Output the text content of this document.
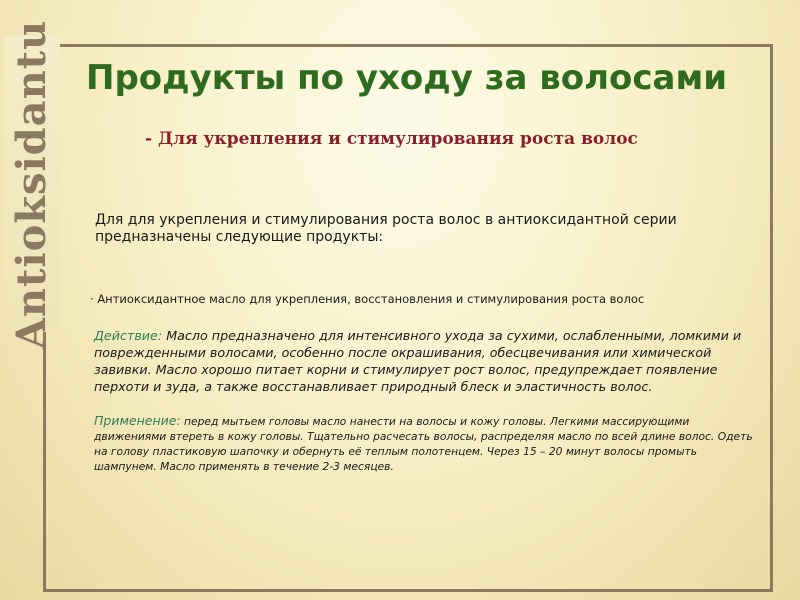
Antioksidantu Продукты по уходу за волосами
- Для укрепления и стимулирования роста волос
Для для укрепления и стимулирования роста волос в антиоксидантной серии предназначены следующие продукты:
· Антиоксидантное масло для укрепления, восстановления и стимулирования роста волос
Действие: Масло предназначено для интенсивного ухода за сухими, ослабленными, ломкими и поврежденными волосами, особенно после окрашивания, обесцвечивания или химической завивки. Масло хорошо питает корни и стимулирует рост волос, предупреждает появление перхоти и зуда, а также восстанавливает природный блеск и эластичность волос.
Применение: перед мытьем головы масло нанести на волосы и кожу головы. Легкими массирующими движениями втереть в кожу головы. Тщательно расчесать волосы, распределяя масло по всей длине волос. Одеть на голову пластиковую шапочку и обернуть её теплым полотенцем. Через 15 – 20 минут волосы промыть шампунем. Масло применять в течение 2-3 месяцев.
